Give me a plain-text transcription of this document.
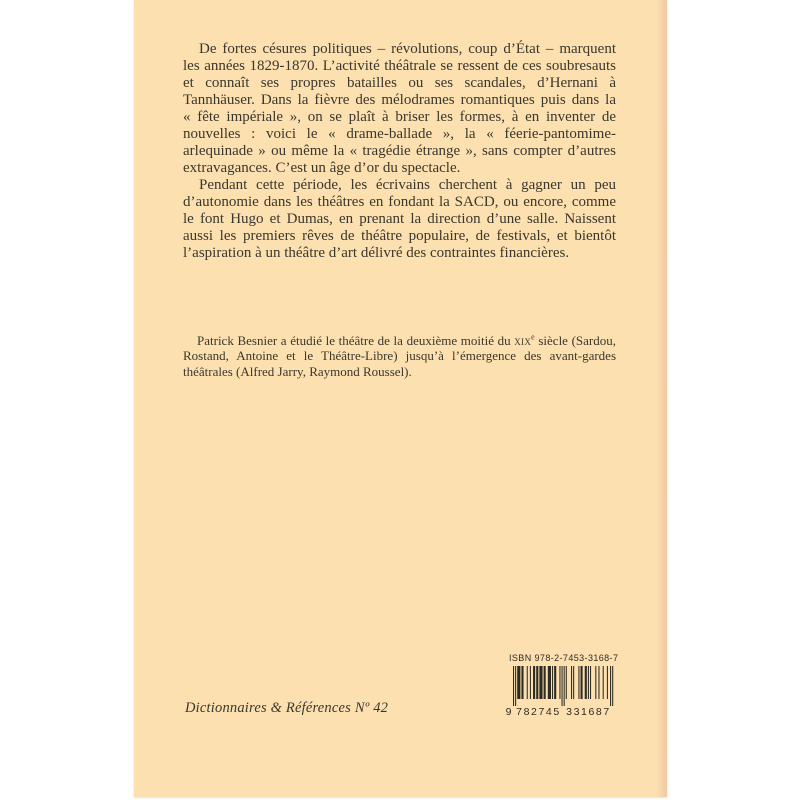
De fortes césures politiques – révolutions, coup d’État – marquent les années 1829-1870. L’activité théâtrale se ressent de ces soubresauts et connaît ses propres batailles ou ses scandales, d’Hernani à Tannhäuser. Dans la fièvre des mélodrames romantiques puis dans la « fête impériale », on se plaît à briser les formes, à en inventer de nouvelles : voici le « drame-ballade », la « féerie-pantomime-arlequinade » ou même la « tragédie étrange », sans compter d’autres extravagances. C’est un âge d’or du spectacle.

Pendant cette période, les écrivains cherchent à gagner un peu d’autonomie dans les théâtres en fondant la SACD, ou encore, comme le font Hugo et Dumas, en prenant la direction d’une salle. Naissent aussi les premiers rêves de théâtre populaire, de festivals, et bientôt l’aspiration à un théâtre d’art délivré des contraintes financières.

Patrick Besnier a étudié le théâtre de la deuxième moitié du xix$^e$ siècle (Sardou, Rostand, Antoine et le Théâtre-Libre) jusqu’à l’émergence des avant-gardes théâtrales (Alfred Jarry, Raymond Roussel).

Dictionnaires & Références Nº 42
ISBN 978-2-7453-3168-7
9 782745 331687
